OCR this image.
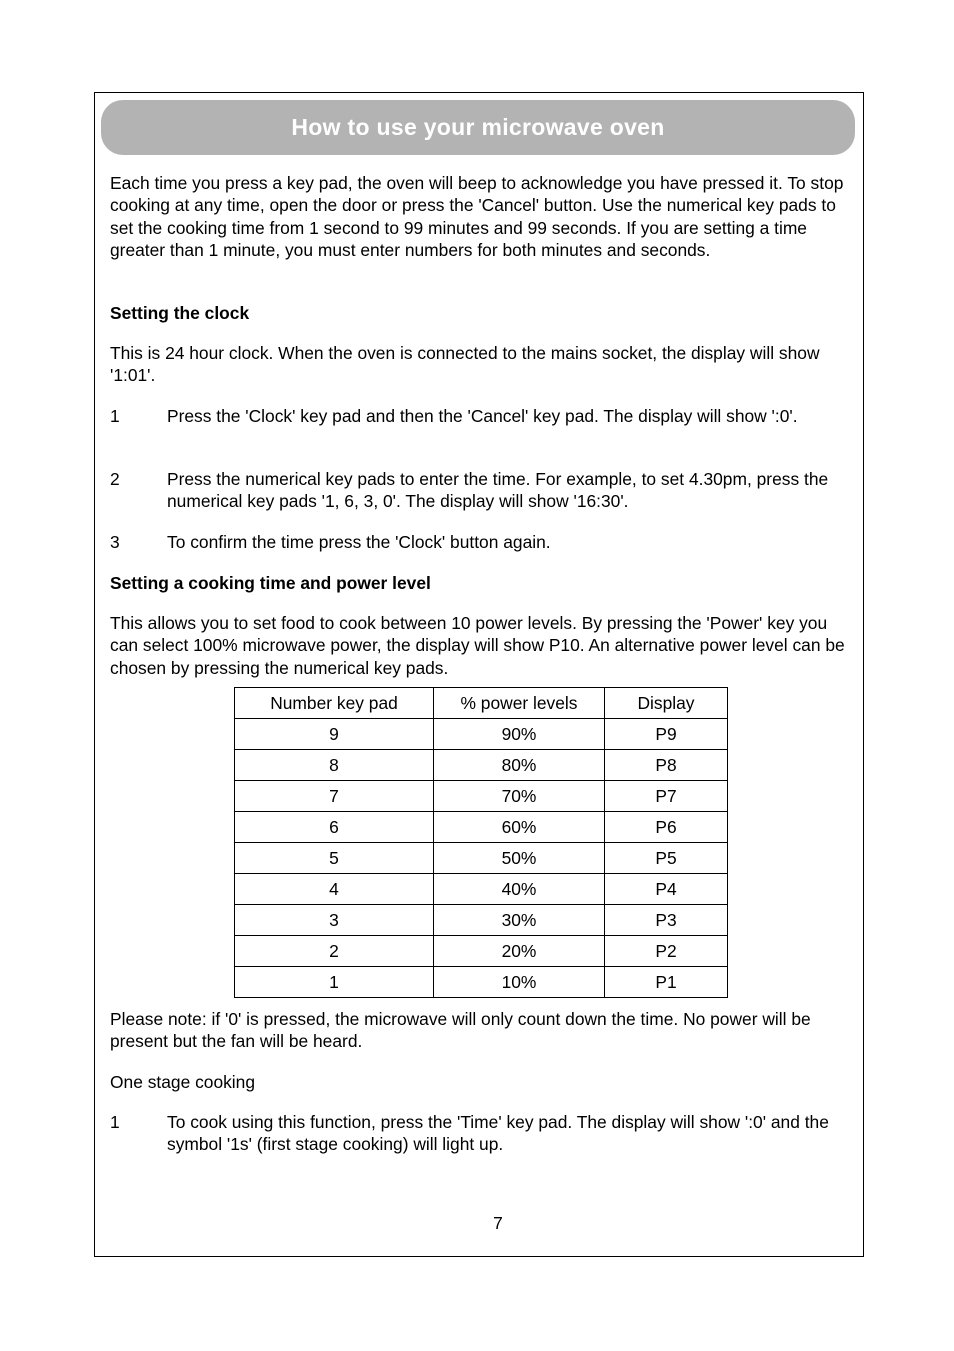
How to use your microwave oven

Each time you press a key pad, the oven will beep to acknowledge you have pressed it. To stop cooking at any time, open the door or press the 'Cancel' button. Use the numerical key pads to set the cooking time from 1 second to 99 minutes and 99 seconds. If you are setting a time greater than 1 minute, you must enter numbers for both minutes and seconds.

Setting the clock

This is 24 hour clock. When the oven is connected to the mains socket, the display will show '1:01'.

1	Press the 'Clock' key pad and then the 'Cancel' key pad. The display will show ':0'.
2	Press the numerical key pads to enter the time. For example, to set 4.30pm, press the numerical key pads '1, 6, 3, 0'. The display will show '16:30'.
3	To confirm the time press the 'Clock' button again.

Setting a cooking time and power level

This allows you to set food to cook between 10 power levels. By pressing the 'Power' key you can select 100% microwave power, the display will show P10. An alternative power level can be chosen by pressing the numerical key pads.

Number key pad	% power levels	Display
9	90%	P9
8	80%	P8
7	70%	P7
6	60%	P6
5	50%	P5
4	40%	P4
3	30%	P3
2	20%	P2
1	10%	P1

Please note: if '0' is pressed, the microwave will only count down the time. No power will be present but the fan will be heard.

One stage cooking

1	To cook using this function, press the 'Time' key pad. The display will show ':0' and the symbol '1s' (first stage cooking) will light up.
7
